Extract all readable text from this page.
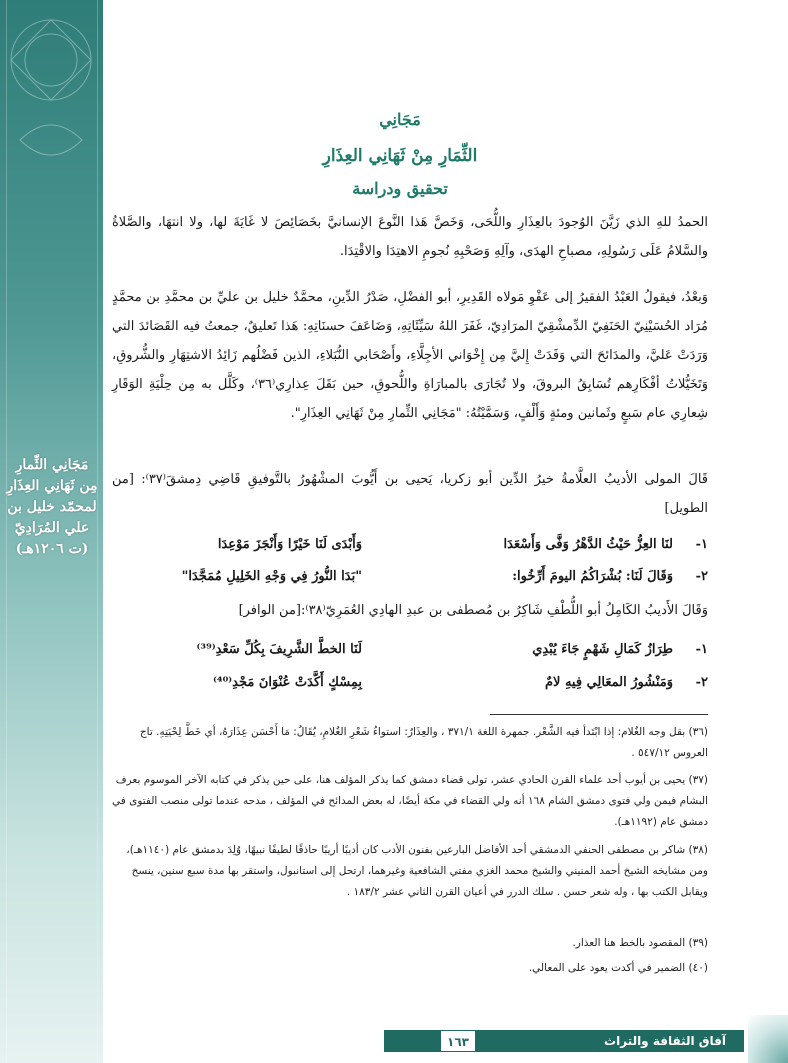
مَجَانِي الثِّمارِ مِن ثَهَانِي العِذَارِ لمحمّد خليل بن علي المُرَادِيّ (ت ١٢٠٦هـ)
مَجَانِي
الثِّمَارِ مِنْ ثَهَانِي العِذَارِ
تحقيق ودراسة
الحمدُ للهِ الذي زَيَّنَ الوُجودَ بالعِذَارِ واللُّحَى، وَخَصَّ هَذا النَّوعَ الإنسانيَّ بخَصَائِصَ لا غَايَةَ لها، ولا انتهَا، والصَّلاةُ والسَّلامُ عَلَى رَسُولِهِ، مصباحِ الهدَى، وآلِهِ وَصَحْبِهِ نُجومِ الاهتِدَا والاقْتِدَا.
وَبعْدُ، فيقولُ العَبْدُ الفقيرُ إلى عَفْوِ مَولاه القَدِيرِ، أبو الفضْلِ، صَدْرُ الدِّينِ، محمَّدٌ خليل بن عليِّ بن محمَّدِ بن محمَّدٍ مُرَاد الحُسَيْنِيّ الحَنَفِيّ الدِّمشْقِيّ المرَادِيّ، غَفَرَ اللهُ سَيِّئَاتِهِ، وَضَاعَفَ حسنَاتِهِ: هَذا تَعليقٌ، جمعتُ فيه القَصَائدَ التي وَرَدَتْ عَليَّ، والمدَائحَ التي وَفَدَتْ إِليَّ مِن إِخْوَاني الأجِلَّاءِ، وأَصْحَابي النُّبَلاءِ، الذين فَضْلُهم زَائِدُ الاشتِهَارِ والشُّروقِ، وَتَخَيُّلاتُ أفْكَارِهم تُسَابِقُ البروقَ، ولا تُجَارَى بالمبارَاةِ واللُّحوقِ، حين بَقَلَ عِذارِي⁽٣٦⁾، وكَلَّل به مِن حِلْيَةِ الوَقَارِ شِعارِي عام سَبعٍ وثَمانين ومئةٍ وَأَلْفٍ، وَسَمَّيْتُهُ: "مَجَانِي الثِّمارِ مِنْ ثَهَانِي العِذَارِ".
قَالَ المولى الأديبُ العلَّامةُ خيرُ الدِّين أبو زكريا، يَحيى بن أَيُّوبَ المشْهُورُ بالتَّوفيقِ قَاضِي دِمشقَ⁽٣٧⁾: [من الطويل]
١-
لنَا العِزُّ حَيْثُ الدَّهْرُ وَفَّى وَأَسْعَدَا
وَأَبْدَى لَنَا خَيْرًا وَأَنْجَزَ مَوْعِدَا
٢-
وَقَالَ لَنَا: بُشْرَاكُمُ اليومَ أَرِّخُوا:
"بَدَا النُّورُ فِي وَجْهِ الخَلِيلِ مُمَجَّدَا"
وَقَالَ الأَديبُ الكَامِلُ أبو اللُّطْفِ شَاكِرُ بن مُصطفى بن عبدِ الهادِي العُمَرِيّ⁽٣٨⁾:[من الوافر]
١-
طِرَازُ كَمَالِ شَهْمٍ جَاءَ يُبْدِي
لَنَا الخطَّ الشَّرِيفَ بِكُلِّ سَعْدِ⁽³⁹⁾
٢-
وَمَنْشُورُ المعَالِي فِيهِ لامٌ
بِمِسْكٍ أَكَّدَتْ عُنْوَانَ مَجْدِ⁽⁴⁰⁾
(٣٦) بقل وجه الغُلام: إذا ابْتَدأ فيه الشَّعْر. جمهرة اللغة ٣٧١/١ ، والعِذَارُ: استواءُ شَعْرِ الغُلامِ، يُقَالُ: مَا أَحْسَن عِذَارَهُ، أي خَطَّ لِحْيَتِهِ. تاج العروس ٥٤٧/١٢ .
(٣٧) يحيى بن أيوب أحد علماء القرن الحادي عشر، تولى قضاء دمشق كما يذكر المؤلف هنا، على حين يذكر في كتابه الآخر الموسوم بعرف البشام فيمن ولي فتوى دمشق الشام ١٦٨ أنه ولي القضاء في مكة أيضًا، له بعض المدائح في المؤلف ، مدحه عندما تولى منصب الفتوى في دمشق عام (١١٩٢هـ).
(٣٨) شاكر بن مصطفى الحنفي الدمشقي أحد الأفاضل البارعين بفنون الأدب كان أديبًا أريبًا حاذقًا لطيفًا نبيهًا، وُلِدَ بدمشق عام (١١٤٠هـ)، ومن مشايخه الشيخ أحمد المنيني والشيخ محمد الغزي مفتي الشافعية وغيرهما، ارتحل إلى استانبول، واستقر بها مدة سبع سنين، ينسخ ويقابل الكتب بها ، وله شعر حسن . سلك الدرر في أعيان القرن الثاني عشر ١٨٣/٢ .
(٣٩) المقصود بالخط هنا العذار.
(٤٠) الضمير في أكدت يعود على المعالي.
آفاق الثقافة والتراث
١٦٣
